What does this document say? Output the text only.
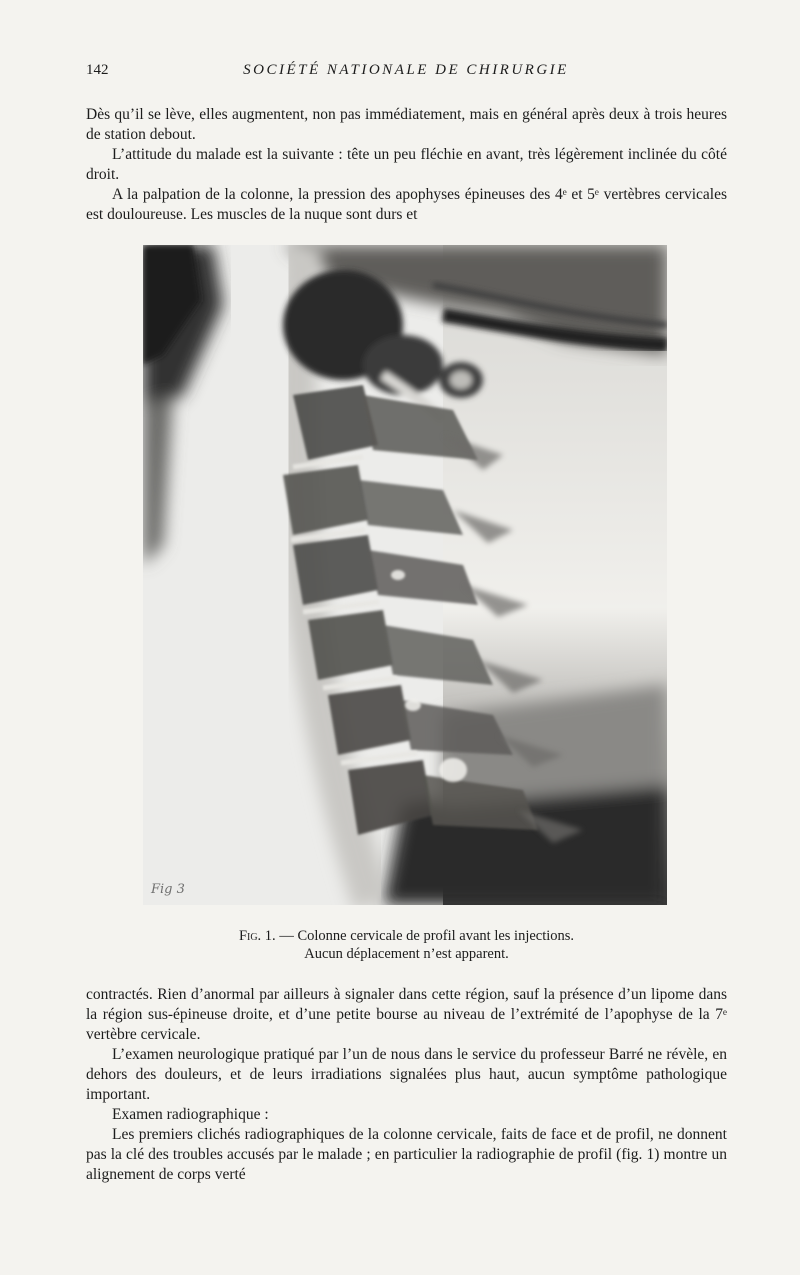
142	SOCIÉTÉ NATIONALE DE CHIRURGIE

Dès qu’il se lève, elles augmentent, non pas immédiatement, mais en général après deux à trois heures de station debout.

L’attitude du malade est la suivante : tête un peu fléchie en avant, très légèrement inclinée du côté droit.

A la palpation de la colonne, la pression des apophyses épineuses des 4ᵉ et 5ᵉ vertèbres cervicales est douloureuse. Les muscles de la nuque sont durs et

Fig 3
Fig. 1. — Colonne cervicale de profil avant les injections.
Aucun déplacement n’est apparent.

contractés. Rien d’anormal par ailleurs à signaler dans cette région, sauf la présence d’un lipome dans la région sus-épineuse droite, et d’une petite bourse au niveau de l’extrémité de l’apophyse de la 7ᵉ vertèbre cervicale.

L’examen neurologique pratiqué par l’un de nous dans le service du professeur Barré ne révèle, en dehors des douleurs, et de leurs irradiations signalées plus haut, aucun symptôme pathologique important.

Examen radiographique :

Les premiers clichés radiographiques de la colonne cervicale, faits de face et de profil, ne donnent pas la clé des troubles accusés par le malade ; en particulier la radiographie de profil (fig. 1) montre un alignement de corps verté
